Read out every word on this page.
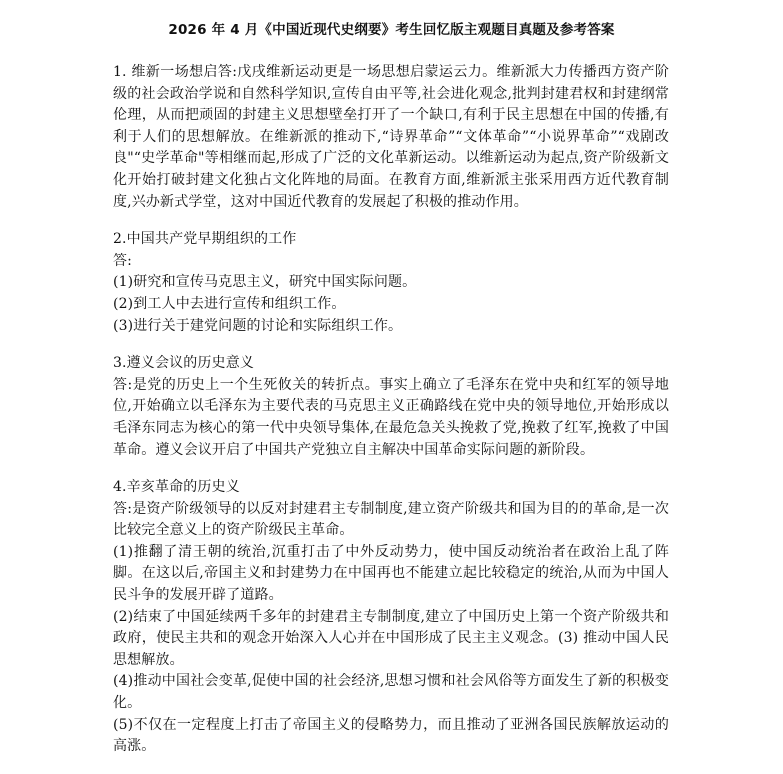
2026 年 4 月《中国近现代史纲要》考生回忆版主观题目真题及参考答案

1. 维新一场想启答:戊戌维新运动更是一场思想启蒙运云力。维新派大力传播西方资产阶级的社会政治学说和自然科学知识,宣传自由平等,社会进化观念,批判封建君权和封建纲常伦理，从而把顽固的封建主义思想壁垒打开了一个缺口,有利于民主思想在中国的传播,有利于人们的思想解放。在维新派的推动下,“诗界革命”“文体革命”“小说界革命”“戏剧改良"“史学革命"等相继而起,形成了广泛的文化革新运动。以维新运动为起点,资产阶级新文化开始打破封建文化独占文化阵地的局面。在教育方面,维新派主张采用西方近代教育制度,兴办新式学堂，这对中国近代教育的发展起了积极的推动作用。

2.中国共产党早期组织的工作

答:

(1)研究和宣传马克思主义，研究中国实际问题。

(2)到工人中去进行宣传和组织工作。

(3)进行关于建党问题的讨论和实际组织工作。

3.遵义会议的历史意义

答:是党的历史上一个生死攸关的转折点。事实上确立了毛泽东在党中央和红军的领导地位,开始确立以毛泽东为主要代表的马克思主义正确路线在党中央的领导地位,开始形成以毛泽东同志为核心的第一代中央领导集体,在最危急关头挽救了党,挽救了红军,挽救了中国革命。遵义会议开启了中国共产党独立自主解决中国革命实际问题的新阶段。

4.辛亥革命的历史义

答:是资产阶级领导的以反对封建君主专制制度,建立资产阶级共和国为目的的革命,是一次比较完全意义上的资产阶级民主革命。

(1)推翻了清王朝的统治,沉重打击了中外反动势力，使中国反动统治者在政治上乱了阵脚。在这以后,帝国主义和封建势力在中国再也不能建立起比较稳定的统治,从而为中国人民斗争的发展开辟了道路。

(2)结束了中国延续两千多年的封建君主专制制度,建立了中国历史上第一个资产阶级共和政府，使民主共和的观念开始深入人心并在中国形成了民主主义观念。(3) 推动中国人民思想解放。

(4)推动中国社会变革,促使中国的社会经济,思想习惯和社会风俗等方面发生了新的积极变化。

(5)不仅在一定程度上打击了帝国主义的侵略势力，而且推动了亚洲各国民族解放运动的高涨。
